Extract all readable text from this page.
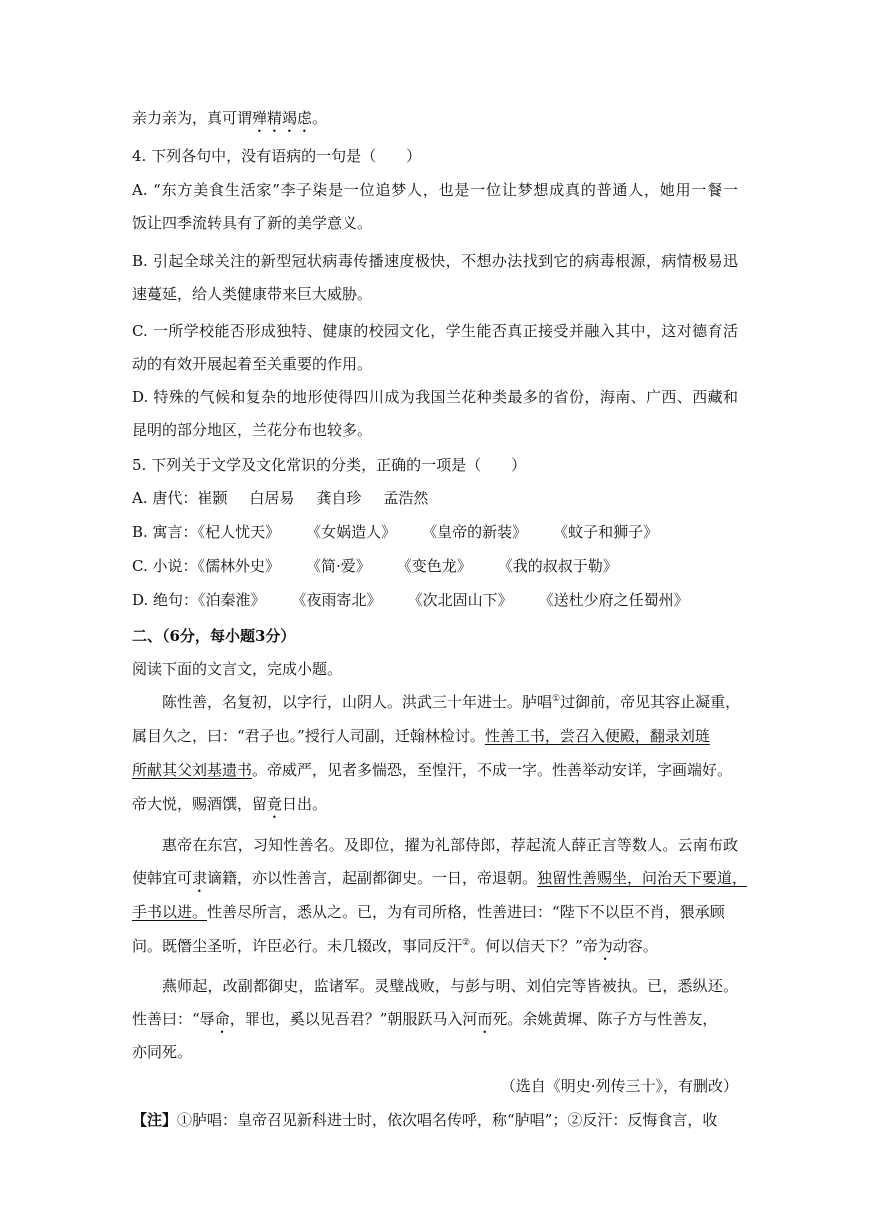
亲力亲为，真可谓殚精竭虑。
4. 下列各句中，没有语病的一句是（　　）
A. “东方美食生活家”李子柒是一位追梦人，也是一位让梦想成真的普通人，她用一餐一
饭让四季流转具有了新的美学意义。
B. 引起全球关注的新型冠状病毒传播速度极快，不想办法找到它的病毒根源，病情极易迅
速蔓延，给人类健康带来巨大威胁。
C. 一所学校能否形成独特、健康的校园文化，学生能否真正接受并融入其中，这对德育活
动的有效开展起着至关重要的作用。
D. 特殊的气候和复杂的地形使得四川成为我国兰花种类最多的省份，海南、广西、西藏和
昆明的部分地区，兰花分布也较多。
5. 下列关于文学及文化常识的分类，正确的一项是（　　）
A. 唐代：崔颢 白居易 龚自珍 孟浩然
B. 寓言：《杞人忧天》 《女娲造人》 《皇帝的新装》 《蚊子和狮子》
C. 小说：《儒林外史》 《简·爱》 《变色龙》 《我的叔叔于勒》
D. 绝句：《泊秦淮》 《夜雨寄北》 《次北固山下》 《送杜少府之任蜀州》
二、（6分，每小题3分）
阅读下面的文言文，完成小题。
陈性善，名复初，以字行，山阴人。洪武三十年进士。胪唱①过御前，帝见其容止凝重，
属目久之，曰：“君子也。”授行人司副，迁翰林检讨。性善工书，尝召入便殿，翻录刘琏
所献其父刘基遗书。帝威严，见者多惴恐，至惶汗，不成一字。性善举动安详，字画端好。
帝大悦，赐酒馔，留竟日出。
惠帝在东宫，习知性善名。及即位，擢为礼部侍郎，荐起流人薛正言等数人。云南布政
使韩宜可隶谪籍，亦以性善言，起副都御史。一日，帝退朝。独留性善赐坐，问治天下要道，
手书以进。性善尽所言，悉从之。已，为有司所格，性善进曰：“陛下不以臣不肖，猥承顾
问。既僭尘圣听，许臣必行。未几辍改，事同反汗②。何以信天下？”帝为动容。
燕师起，改副都御史，监诸军。灵璧战败，与彭与明、刘伯完等皆被执。已，悉纵还。
性善曰：“辱命，罪也，奚以见吾君？”朝服跃马入河而死。余姚黄墀、陈子方与性善友，
亦同死。
（选自《明史·列传三十》，有删改）
【注】①胪唱：皇帝召见新科进士时，依次唱名传呼，称“胪唱”；②反汗：反悔食言，收
